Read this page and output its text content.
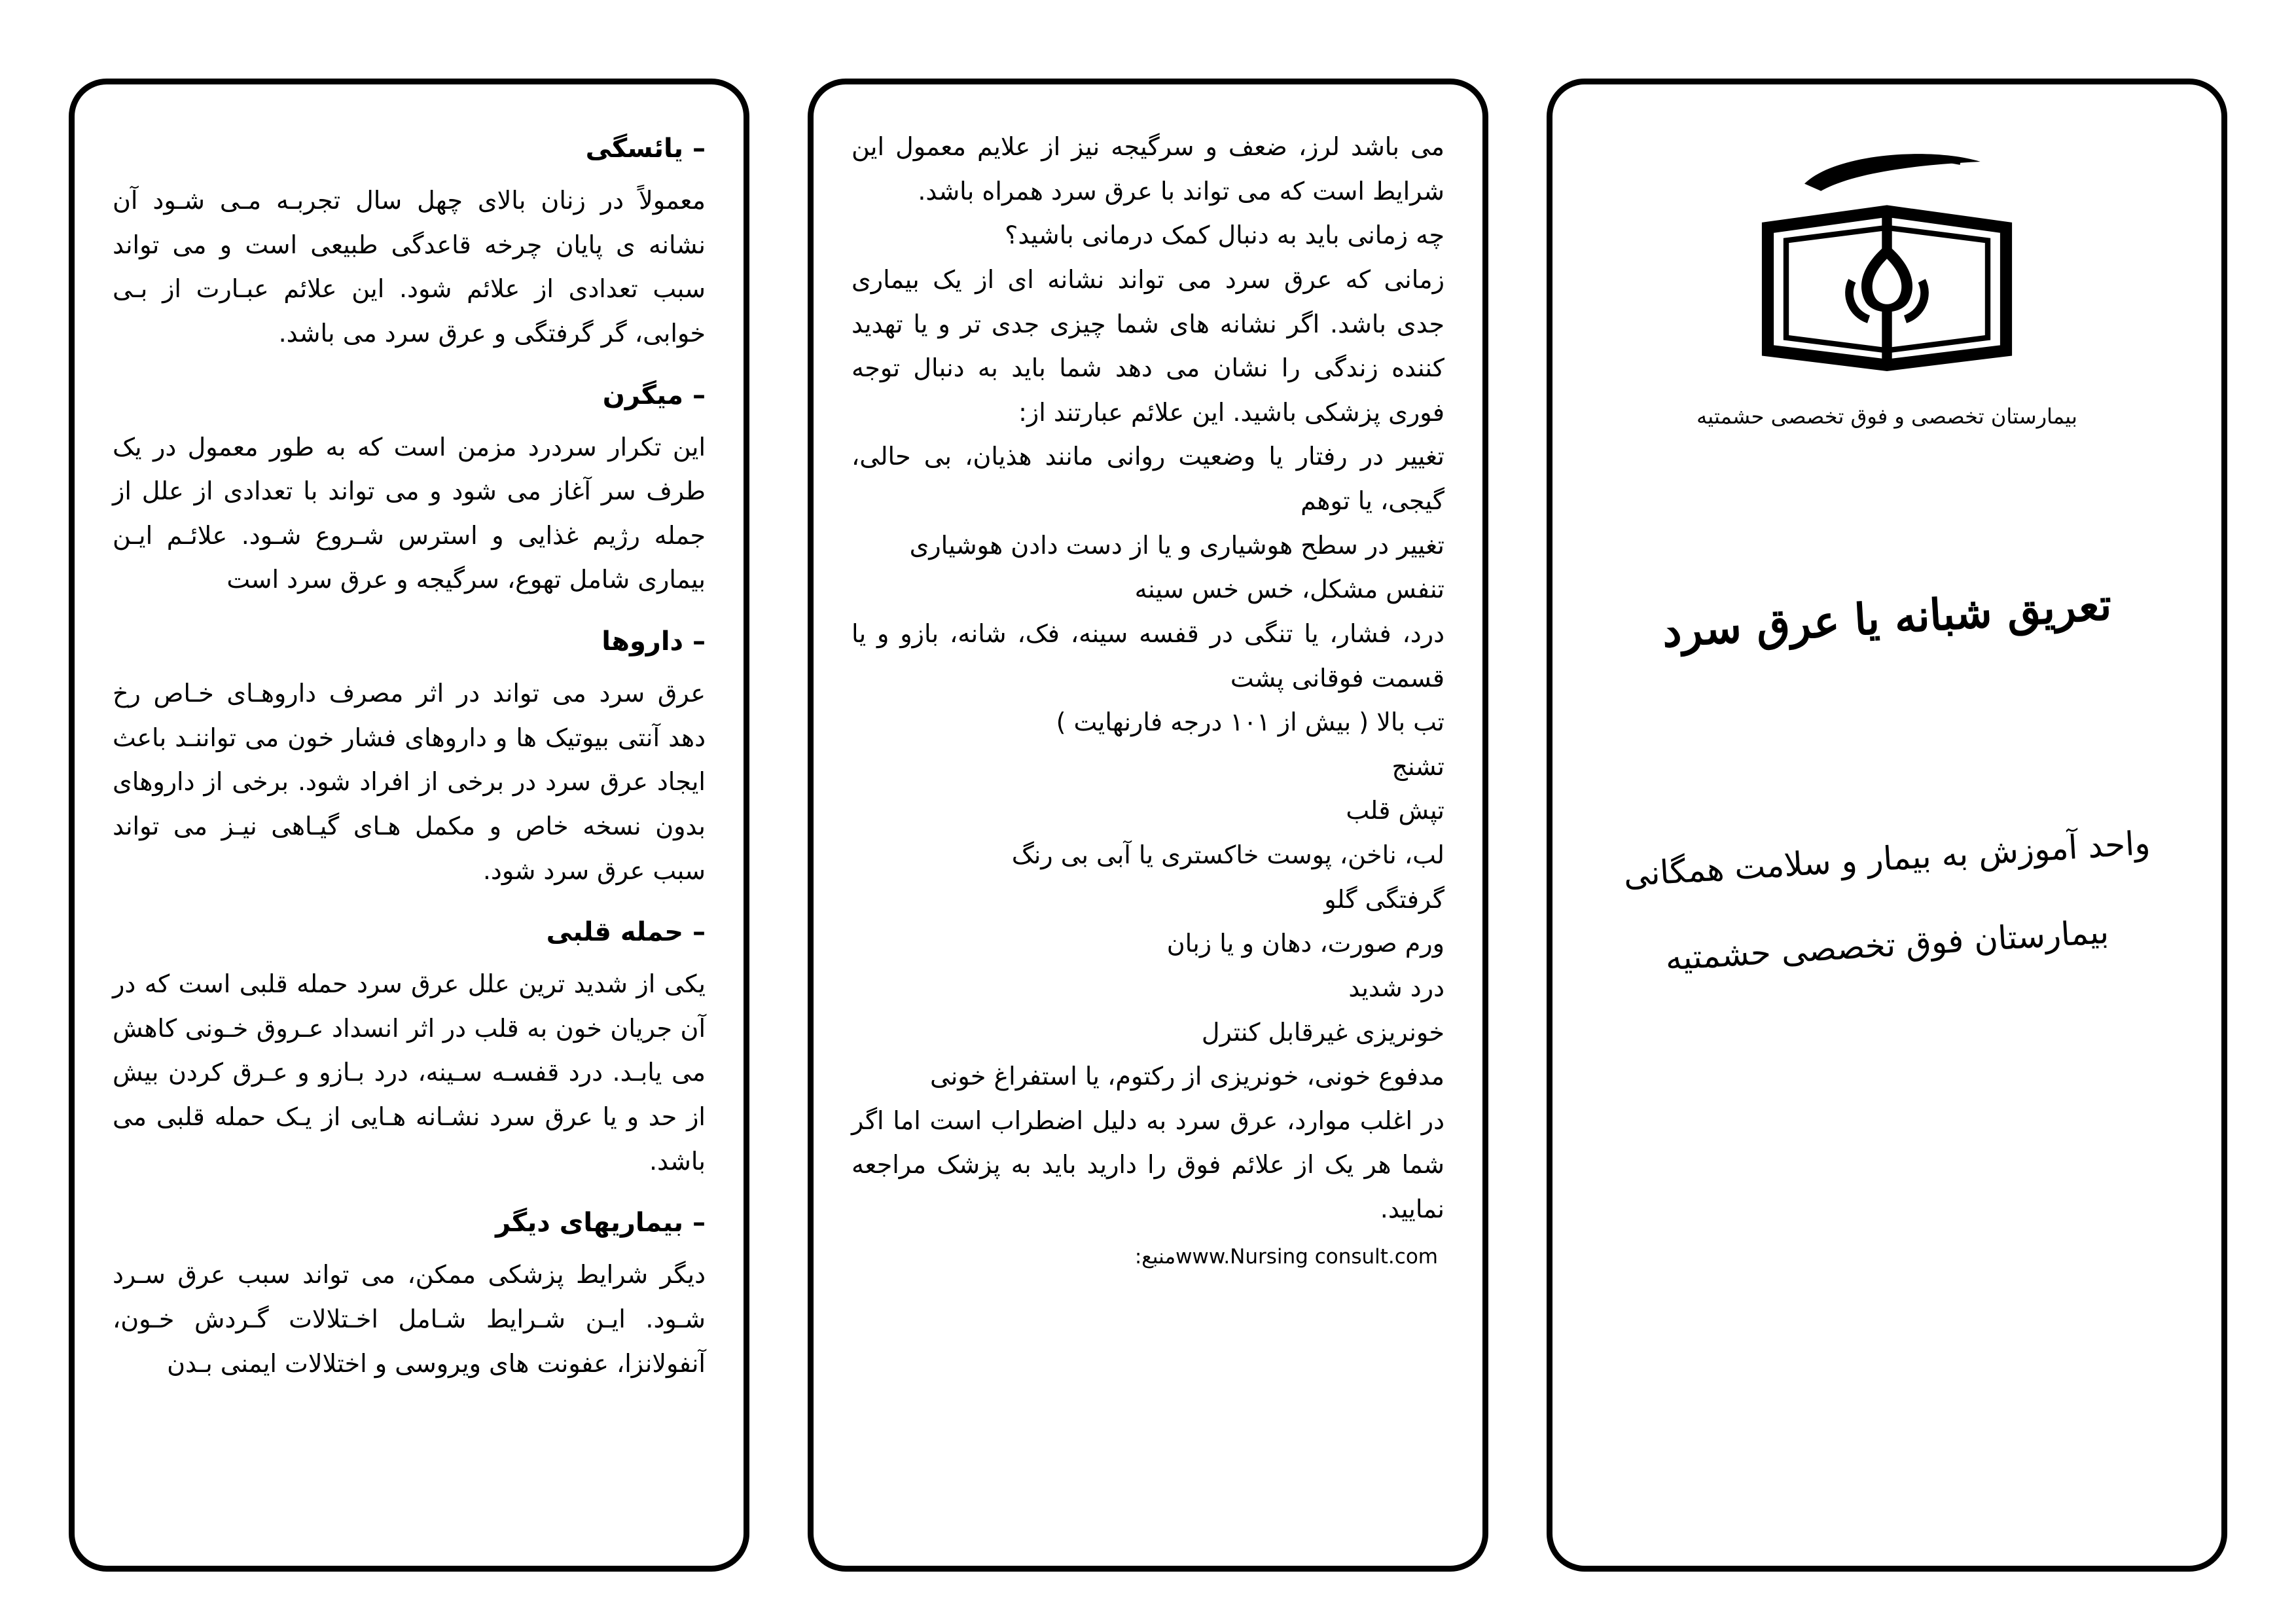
– یائسگی

معمولاً در زنان بالای چهل سال تجربـه مـی شـود آن نشانه ی پایان چرخه قاعدگی طبیعی است و می تواند سبب تعدادی از علائم شود. این علائم عبـارت از بـی خوابی، گر گرفتگی و عرق سرد می باشد.

– میگرن

این تکرار سردرد مزمن است که به طور معمول در یک طرف سر آغاز می شود و می تواند با تعدادی از علل از جمله رژیم غذایی و استرس شـروع شـود. علائـم ایـن بیماری شامل تهوع، سرگیجه و عرق سرد است

– داروها

عرق سرد می تواند در اثر مصرف داروهـای خـاص رخ دهد آنتی بیوتیک ها و داروهای فشار خون می تواننـد باعث ایجاد عرق سرد در برخی از افراد شود. برخی از داروهای بدون نسخه خاص و مکمل هـای گیـاهی نیـز می تواند سبب عرق سرد شود.

– حمله قلبی

یکی از شدید ترین علل عرق سرد حمله قلبی است که در آن جریان خون به قلب در اثر انسداد عـروق خـونی کاهش می یابـد. درد قفسـه سـینه، درد بـازو و عـرق کردن بیش از حد و یا عرق سرد نشـانه هـایی از یـک حمله قلبی می باشد.

– بیماریهای دیگر

دیگر شرایط پزشکی ممکن، می تواند سبب عرق سـرد شـود. ایـن شـرایط شـامل اخـتلالات گـردش خـون، آنفولانزا، عفونت های ویروسی و اختلالات ایمنی بـدن

می باشد لرز، ضعف و سرگیجه نیز از علایم معمول این شرایط است که می تواند با عرق سرد همراه باشد.

چه زمانی باید به دنبال کمک درمانی باشید؟

زمانی که عرق سرد می تواند نشانه ای از یک بیماری جدی باشد. اگر نشانه های شما چیزی جدی تر و یا تهدید کننده زندگی را نشان می دهد شما باید به دنبال توجه فوری پزشکی باشید. این علائم عبارتند از:

تغییر در رفتار یا وضعیت روانی مانند هذیان، بی حالی، گیجی، یا توهم

تغییر در سطح هوشیاری و یا از دست دادن هوشیاری

تنفس مشکل، خس خس سینه

درد، فشار، یا تنگی در قفسه سینه، فک، شانه، بازو و یا قسمت فوقانی پشت

تب بالا ( بیش از ۱۰۱ درجه فارنهایت )

تشنج

تپش قلب

لب، ناخن، پوست خاکستری یا آبی بی رنگ

گرفتگی گلو

ورم صورت، دهان و یا زبان

درد شدید

خونریزی غیرقابل کنترل

مدفوع خونی، خونریزی از رکتوم، یا استفراغ خونی

در اغلب موارد، عرق سرد به دلیل اضطراب است اما اگر شما هر یک از علائم فوق را دارید باید به پزشک مراجعه نمایید.

www.Nursing consult.comمنبع:

بیمارستان تخصصی و فوق تخصصی حشمتیه
تعریق شبانه یا عرق سرد
واحد آموزش به بیمار و سلامت همگانی
بیمارستان فوق تخصصی حشمتیه
